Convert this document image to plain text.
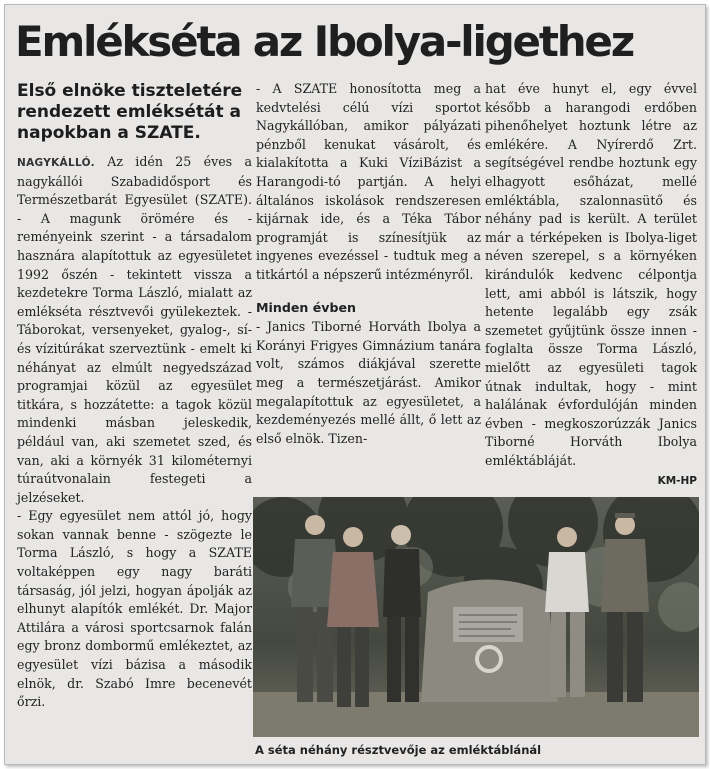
Emlékséta az Ibolya-ligethez
Első elnöke tiszteletére rendezett emléksétát a napokban a SZATE.

NAGYKÁLLÓ. Az idén 25 éves a nagykállói Szabadidősport és Természetbarát Egyesület (SZATE). - A magunk örömére és - reményeink szerint - a társadalom hasznára alapítottuk az egyesületet 1992 őszén - tekintett vissza a kezdetekre Torma László, mialatt az emlékséta résztvevői gyülekeztek. - Táborokat, versenyeket, gyalog-, sí- és vízitúrákat szerveztünk - emelt ki néhányat az elmúlt negyedszázad programjai közül az egyesület titkára, s hozzátette: a tagok közül mindenki másban jeleskedik, például van, aki szemetet szed, és van, aki a környék 31 kilométernyi túraútvonalain festegeti a jelzéseket.

- Egy egyesület nem attól jó, hogy sokan vannak benne - szögezte le Torma László, s hogy a SZATE voltaképpen egy nagy baráti társaság, jól jelzi, hogyan ápolják az elhunyt alapítók emlékét. Dr. Major Attilára a városi sportcsarnok falán egy bronz dombormű emlékeztet, az egyesület vízi bázisa a második elnök, dr. Szabó Imre becenevét őrzi.

- A SZATE honosította meg a kedvtelési célú vízi sportot Nagykállóban, amikor pályázati pénzből kenukat vásárolt, és kialakította a Kuki VíziBázist a Harangodi-tó partján. A helyi általános iskolások rendszeresen kijárnak ide, és a Téka Tábor programját is színesítjük az ingyenes evezéssel - tudtuk meg a titkártól a népszerű intézményről.

Minden évben

- Janics Tiborné Horváth Ibolya a Korányi Frigyes Gimnázium tanára volt, számos diákjával szerette meg a természetjárást. Amikor megalapítottuk az egyesületet, a kezdeményezés mellé állt, ő lett az első elnök. Tizen-

hat éve hunyt el, egy évvel később a harangodi erdőben pihenőhelyet hoztunk létre az emlékére. A Nyírerdő Zrt. segítségével rendbe hoztunk egy elhagyott esőházat, mellé emléktábla, szalonnasütő és néhány pad is került. A terület már a térképeken is Ibolya-liget néven szerepel, s a környéken kirándulók kedvenc célpontja lett, ami abból is látszik, hogy hetente legalább egy zsák szemetet gyűjtünk össze innen - foglalta össze Torma László, mielőtt az egyesületi tagok útnak indultak, hogy - mint halálának évfordulóján minden évben - megkoszorúzzák Janics Tiborné Horváth Ibolya emléktábláját.

KM-HP
A séta néhány résztvevője az emléktáblánál
